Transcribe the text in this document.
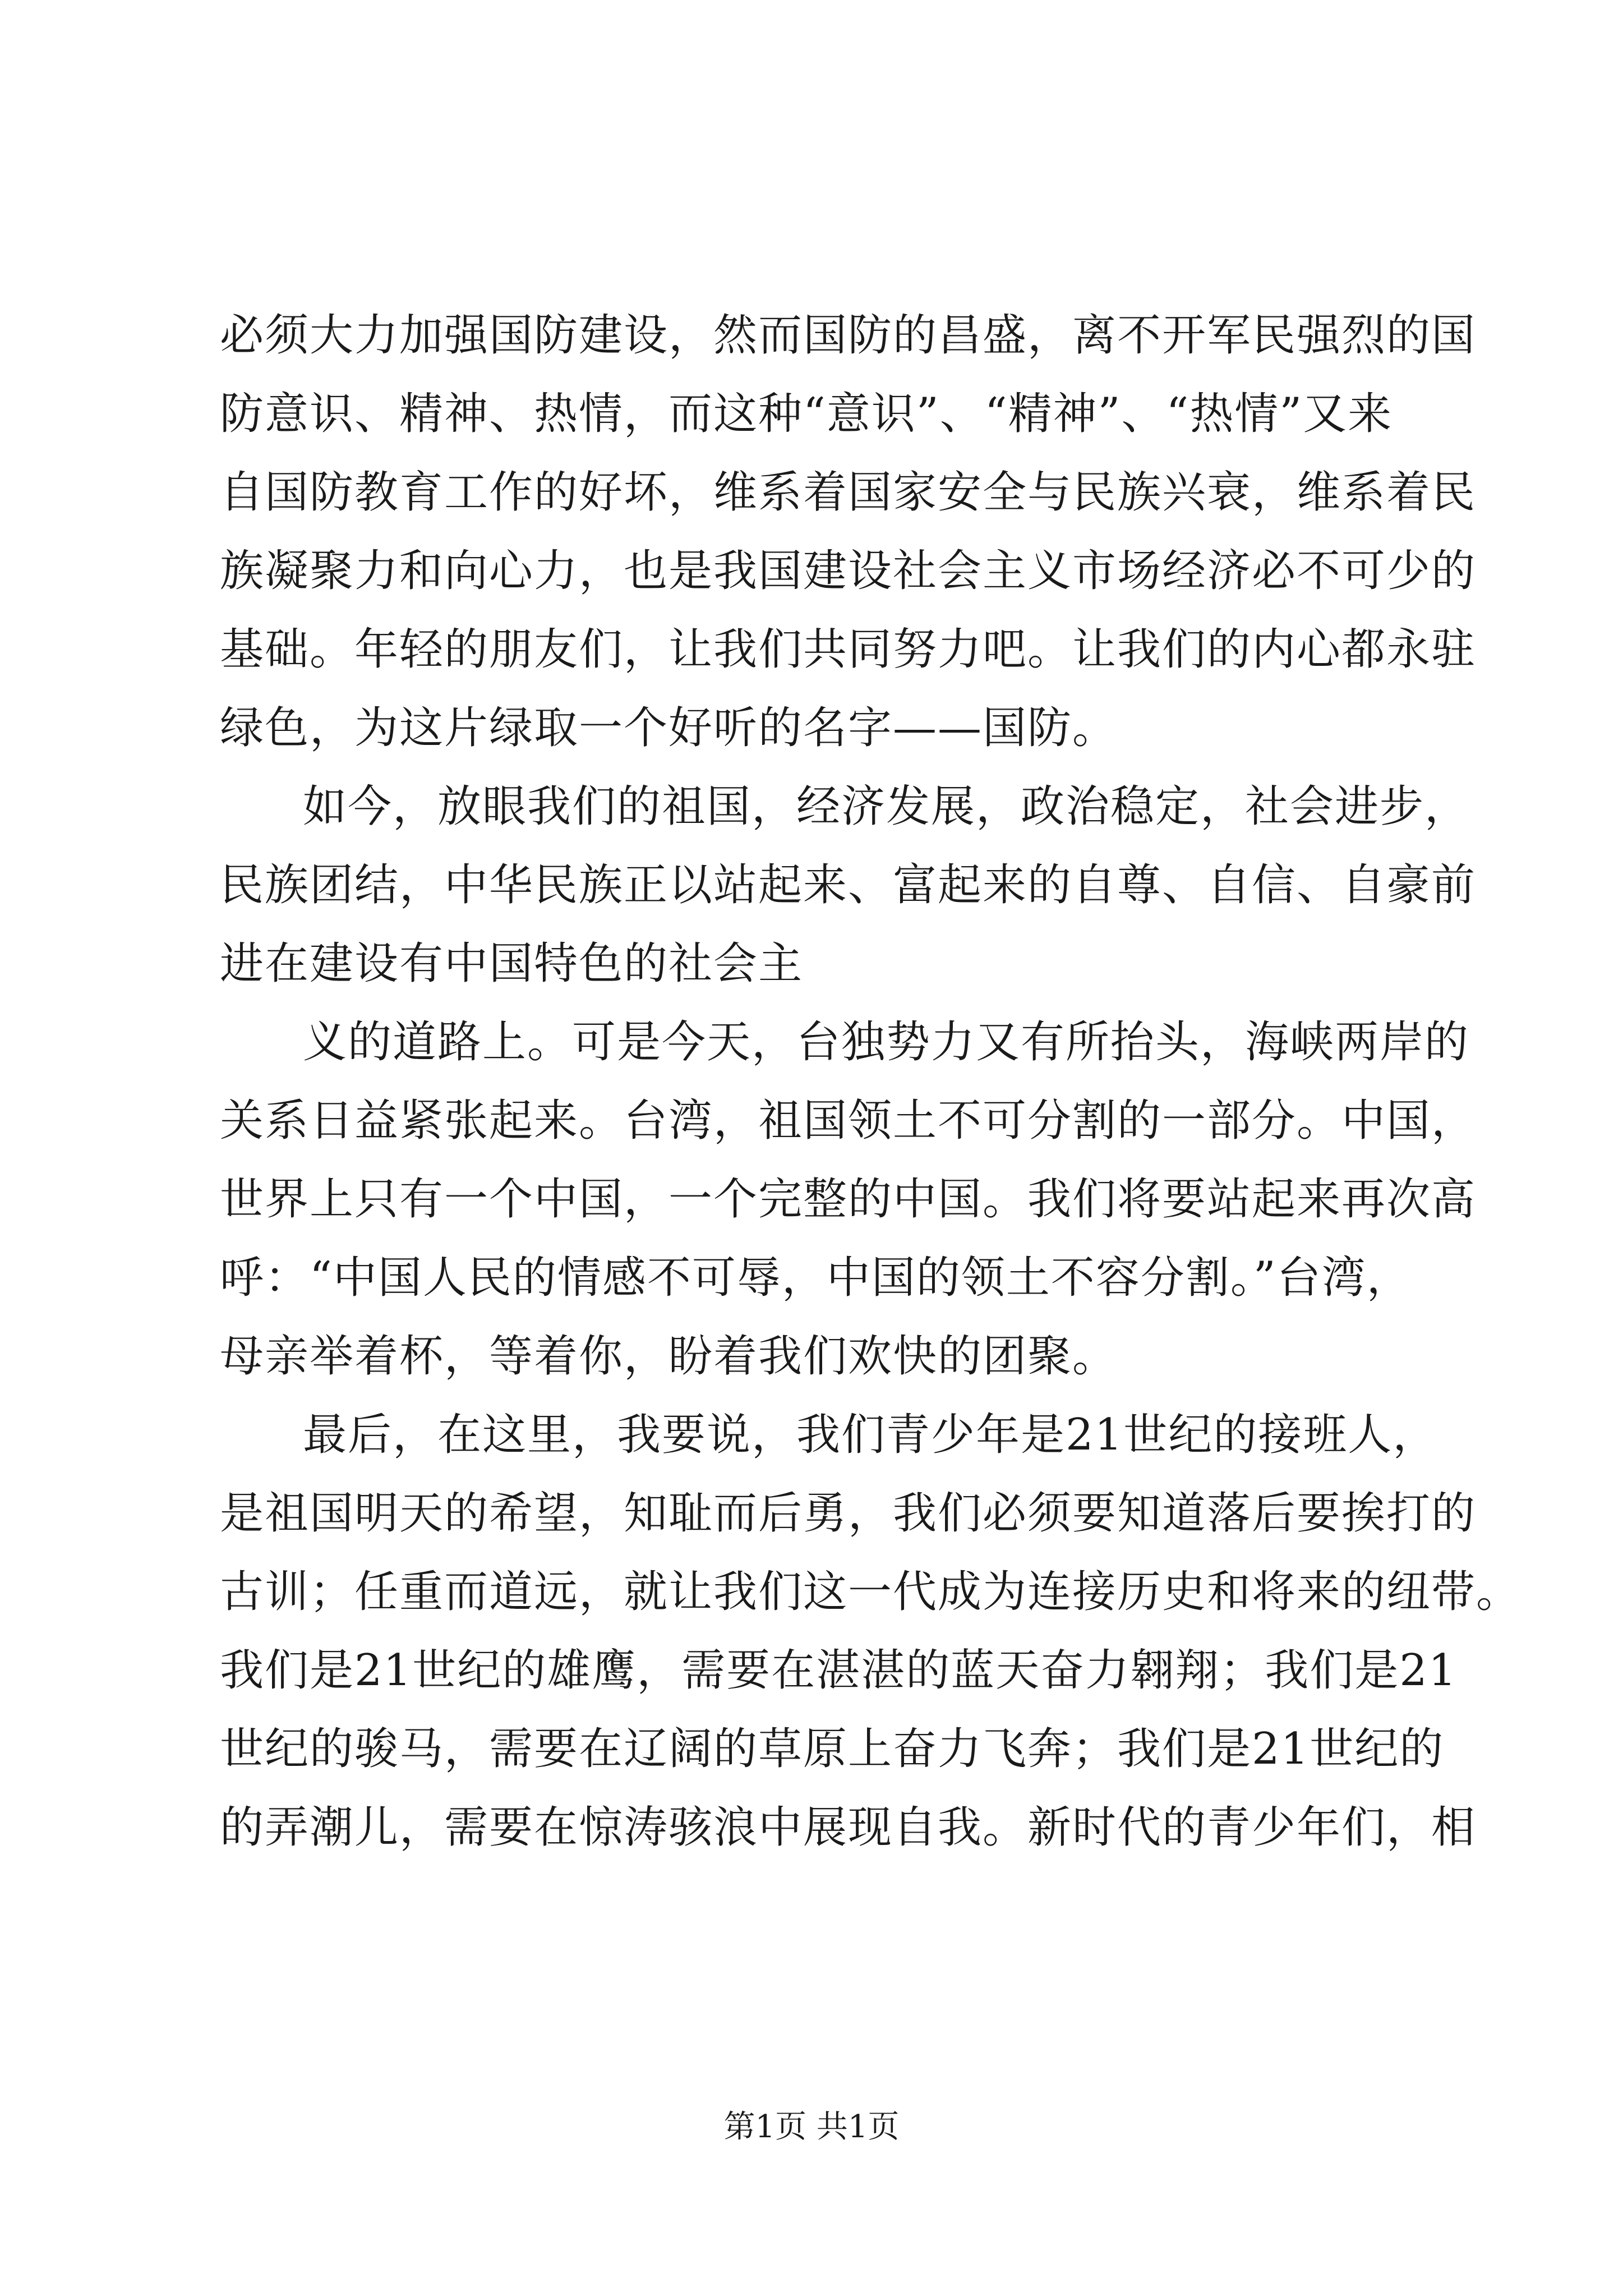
必须大力加强国防建设，然而国防的昌盛，离不开军民强烈的国
防意识、精神、热情，而这种“意识”、“精神”、“热情”又来
自国防教育工作的好坏，维系着国家安全与民族兴衰，维系着民
族凝聚力和向心力，也是我国建设社会主义市场经济必不可少的
基础。年轻的朋友们，让我们共同努力吧。让我们的内心都永驻
绿色，为这片绿取一个好听的名字——国防。
如今，放眼我们的祖国，经济发展，政治稳定，社会进步，
民族团结，中华民族正以站起来、富起来的自尊、自信、自豪前
进在建设有中国特色的社会主
义的道路上。可是今天，台独势力又有所抬头，海峡两岸的
关系日益紧张起来。台湾，祖国领土不可分割的一部分。中国，
世界上只有一个中国，一个完整的中国。我们将要站起来再次高
呼：“中国人民的情感不可辱，中国的领土不容分割。”台湾，
母亲举着杯，等着你，盼着我们欢快的团聚。
最后，在这里，我要说，我们青少年是21世纪的接班人，
是祖国明天的希望，知耻而后勇，我们必须要知道落后要挨打的
古训；任重而道远，就让我们这一代成为连接历史和将来的纽带。
我们是21世纪的雄鹰，需要在湛湛的蓝天奋力翱翔；我们是21
世纪的骏马，需要在辽阔的草原上奋力飞奔；我们是21世纪的
的弄潮儿，需要在惊涛骇浪中展现自我。新时代的青少年们，相
第1页 共1页
